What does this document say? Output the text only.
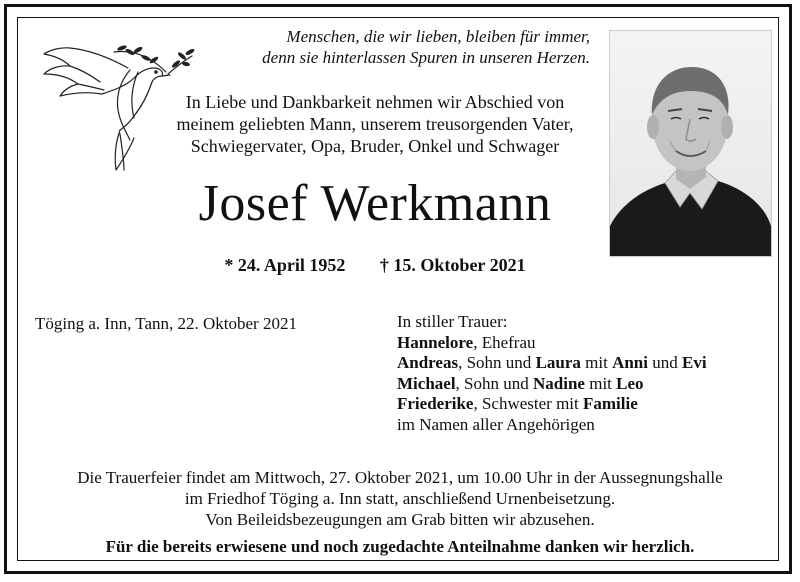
Menschen, die wir lieben, bleiben für immer,
denn sie hinterlassen Spuren in unseren Herzen.
In Liebe und Dankbarkeit nehmen wir Abschied von
meinem geliebten Mann, unserem treusorgenden Vater,
Schwiegervater, Opa, Bruder, Onkel und Schwager
Josef Werkmann
* 24. April 1952 † 15. Oktober 2021
Töging a. Inn, Tann, 22. Oktober 2021	In stiller Trauer:
Hannelore, Ehefrau
Andreas, Sohn und Laura mit Anni und Evi
Michael, Sohn und Nadine mit Leo
Friederike, Schwester mit Familie
im Namen aller Angehörigen
Die Trauerfeier findet am Mittwoch, 27. Oktober 2021, um 10.00 Uhr in der Aussegnungshalle
im Friedhof Töging a. Inn statt, anschließend Urnenbeisetzung.
Von Beileidsbezeugungen am Grab bitten wir abzusehen.
Für die bereits erwiesene und noch zugedachte Anteilnahme danken wir herzlich.
